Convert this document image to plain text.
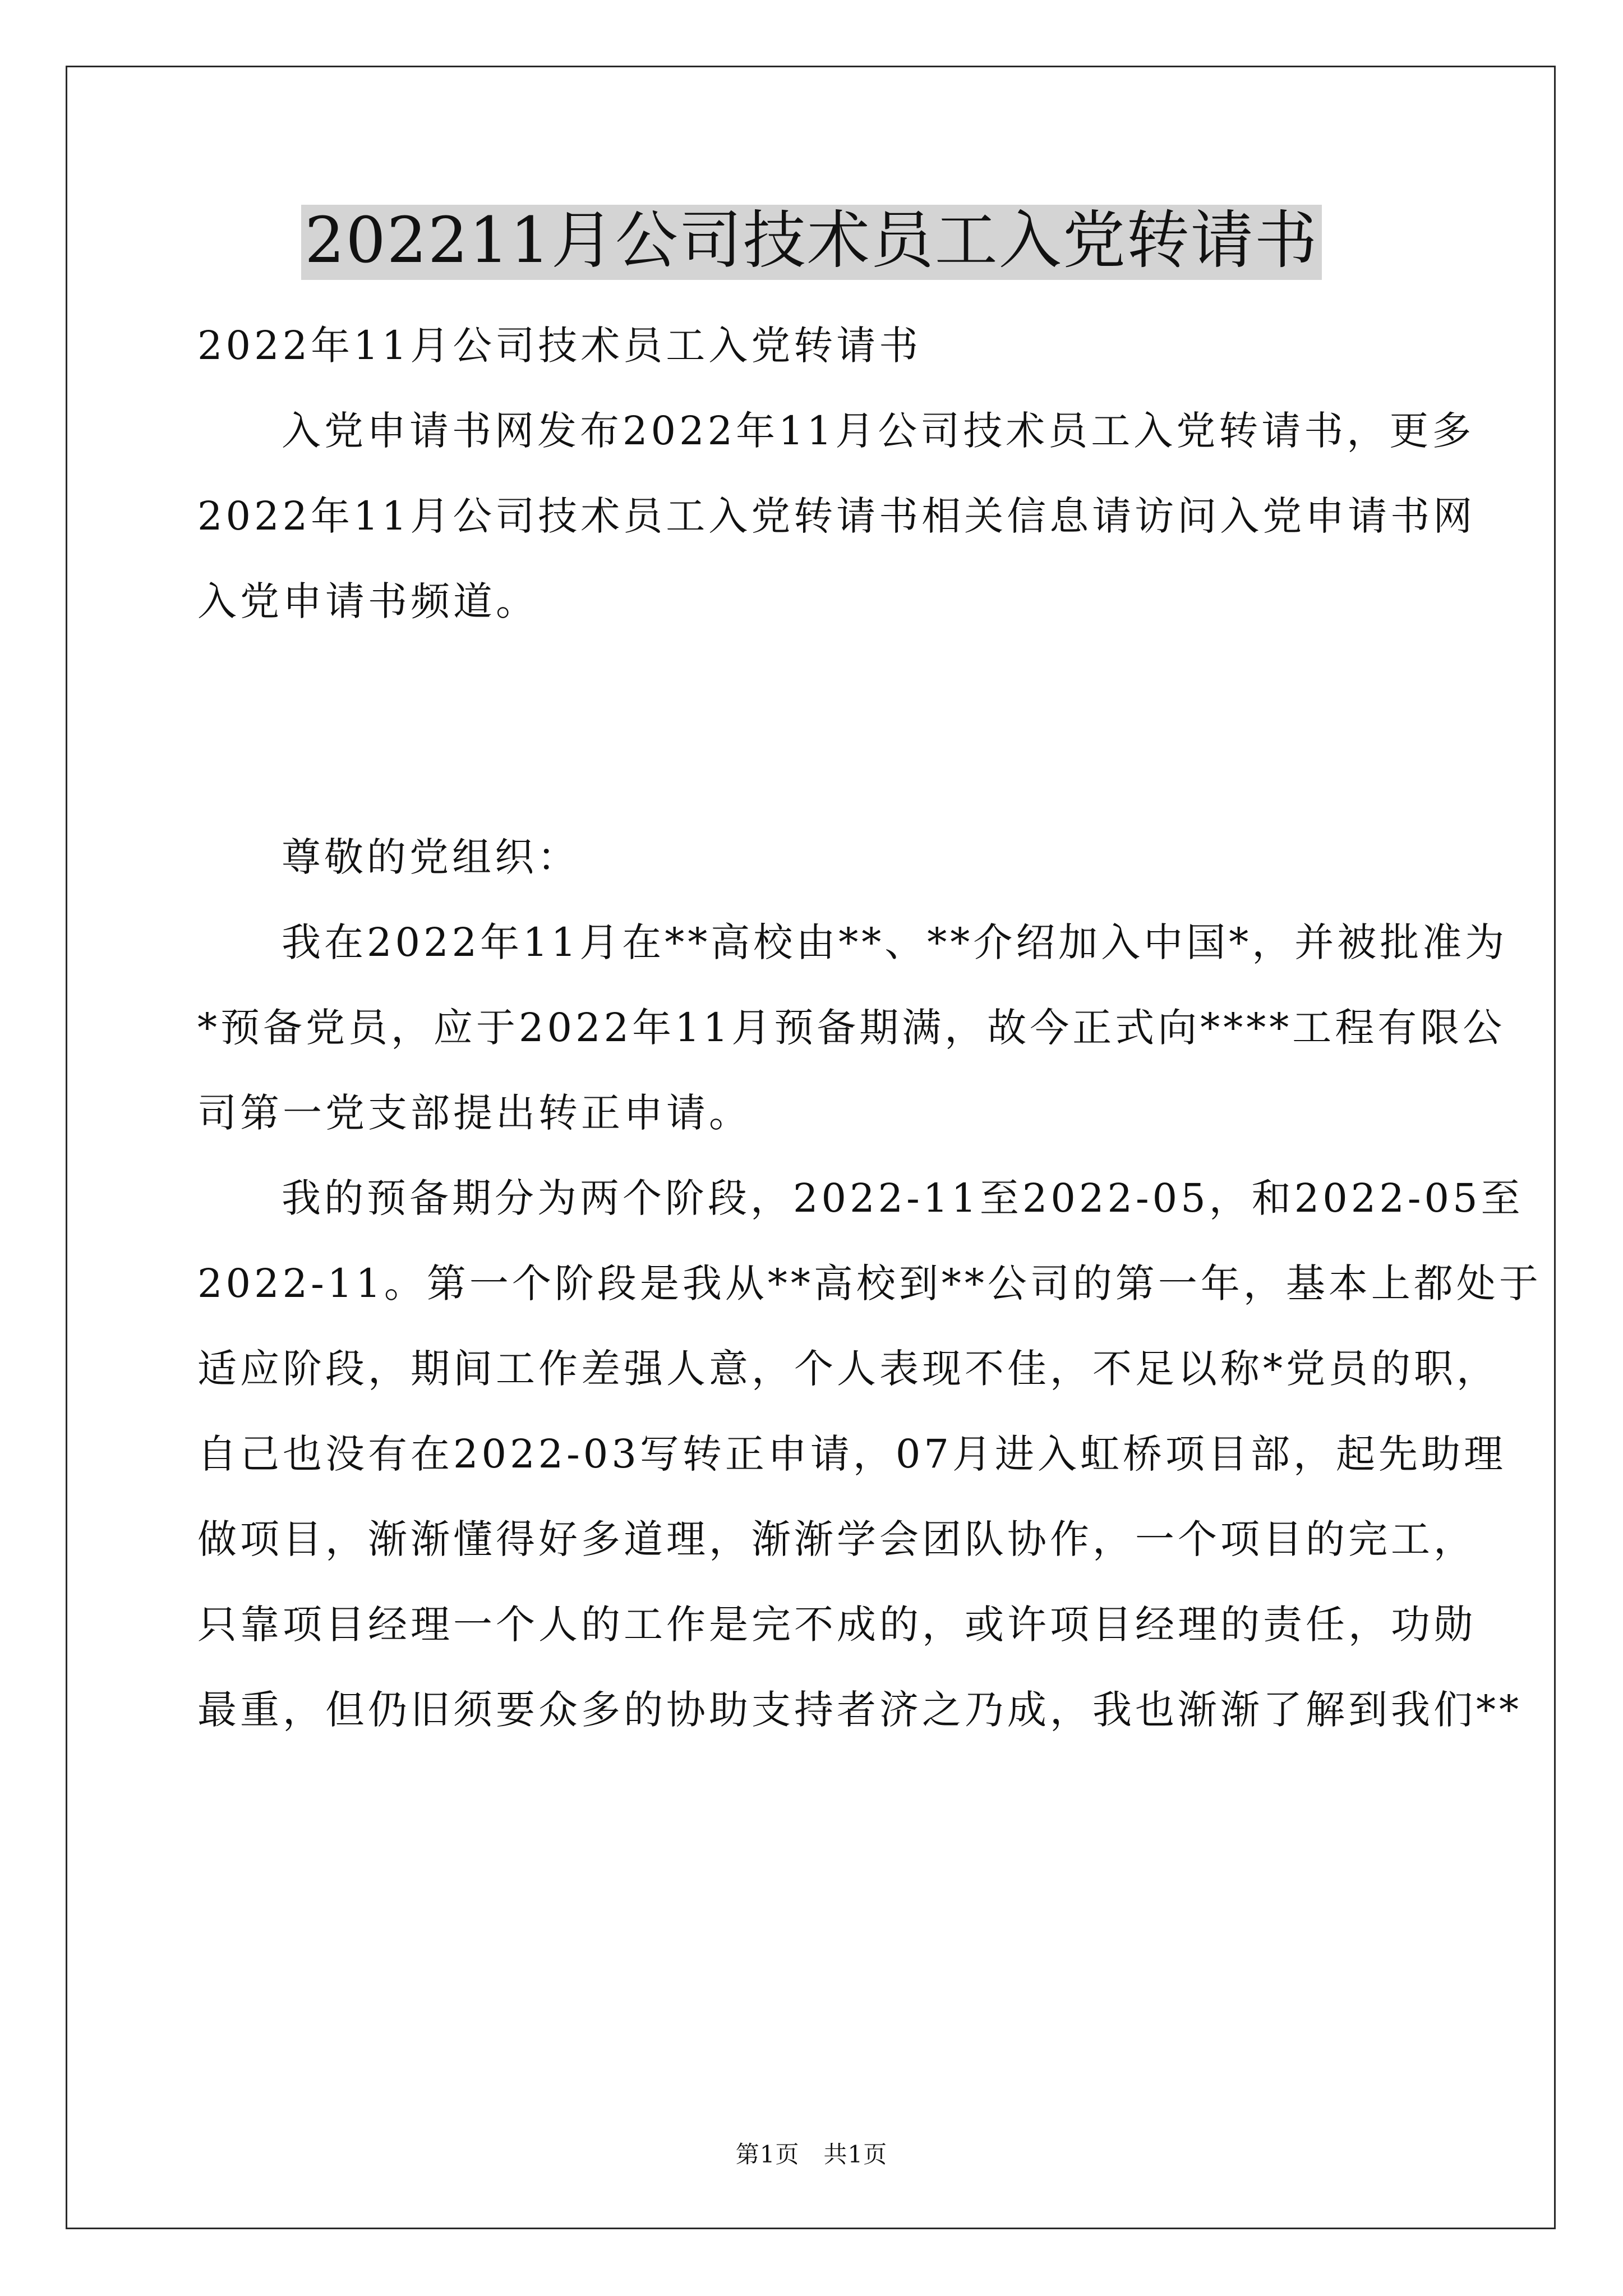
202211月公司技术员工入党转请书

2022年11月公司技术员工入党转请书

入党申请书网发布2022年11月公司技术员工入党转请书，更多

2022年11月公司技术员工入党转请书相关信息请访问入党申请书网

入党申请书频道。

尊敬的党组织：

我在2022年11月在**高校由**、**介绍加入中国*，并被批准为

*预备党员，应于2022年11月预备期满，故今正式向****工程有限公

司第一党支部提出转正申请。

我的预备期分为两个阶段，2022-11至2022-05，和2022-05至

2022-11。第一个阶段是我从**高校到**公司的第一年，基本上都处于

适应阶段，期间工作差强人意，个人表现不佳，不足以称*党员的职，

自己也没有在2022-03写转正申请，07月进入虹桥项目部，起先助理

做项目，渐渐懂得好多道理，渐渐学会团队协作，一个项目的完工，

只靠项目经理一个人的工作是完不成的，或许项目经理的责任，功勋

最重，但仍旧须要众多的协助支持者济之乃成，我也渐渐了解到我们**

第1页   共1页
